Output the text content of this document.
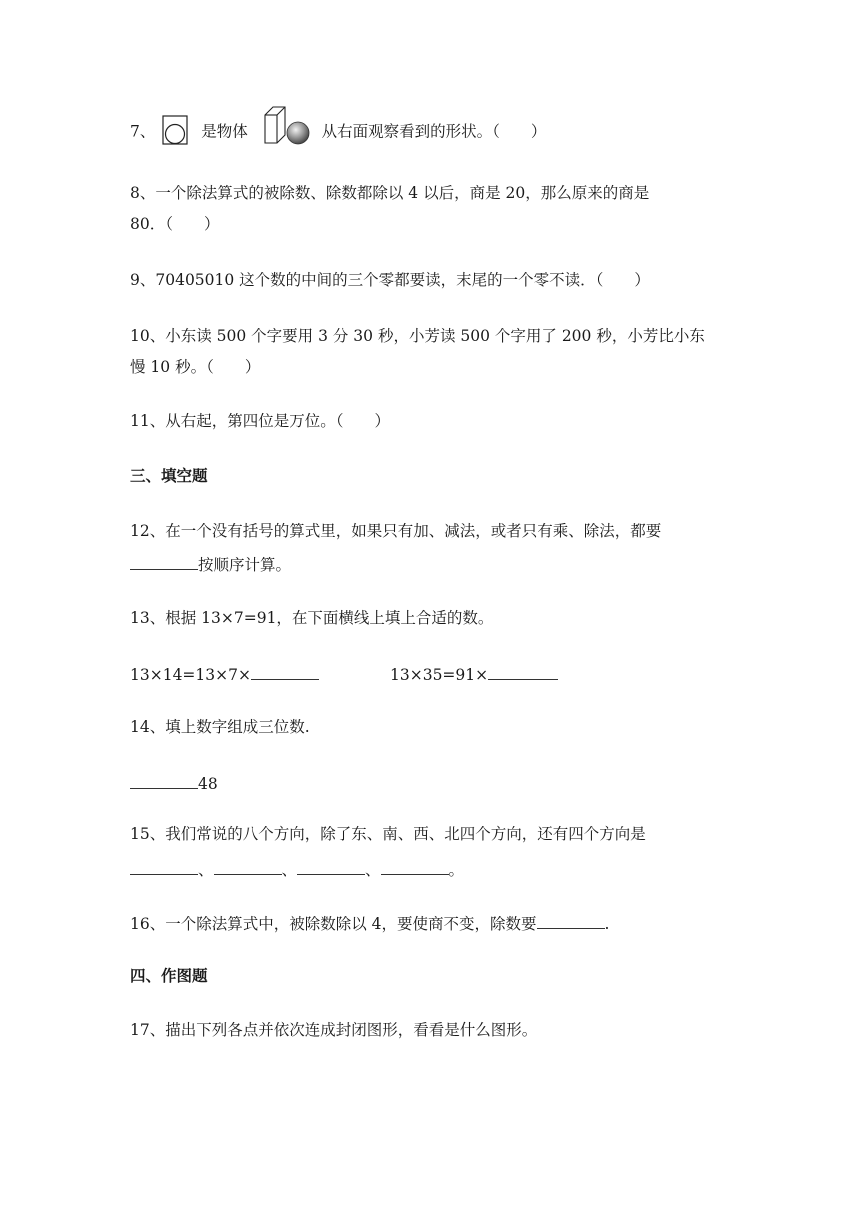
7、	是物体	从右面观察看到的形状。（　　）
8、一个除法算式的被除数、除数都除以 4 以后，商是 20，那么原来的商是
80．（　　）
9、70405010 这个数的中间的三个零都要读，末尾的一个零不读．（　　）
10、小东读 500 个字要用 3 分 30 秒，小芳读 500 个字用了 200 秒，小芳比小东
慢 10 秒。（　　）
11、从右起，第四位是万位。（　　）
三、填空题
12、在一个没有括号的算式里，如果只有加、减法，或者只有乘、除法，都要
按顺序计算。
13、根据 13×7=91，在下面横线上填上合适的数。
13×14=13×7×	13×35=91×
14、填上数字组成三位数.
48
15、我们常说的八个方向，除了东、南、西、北四个方向，还有四个方向是
、	、	、	。
16、一个除法算式中，被除数除以 4，要使商不变，除数要	.
四、作图题
17、描出下列各点并依次连成封闭图形，看看是什么图形。
